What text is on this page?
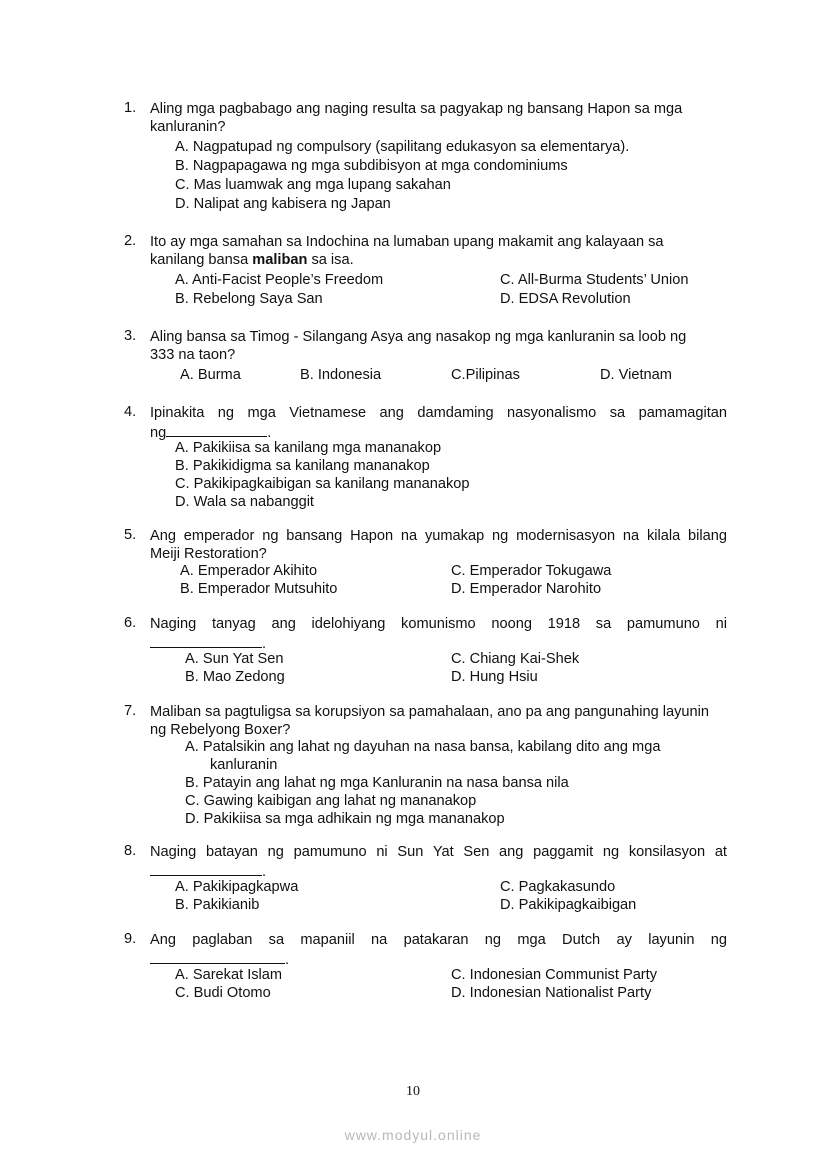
1. Aling mga pagbabago ang naging resulta sa pagyakap ng bansang Hapon sa mga
kanluranin?
A. Nagpatupad ng compulsory (sapilitang edukasyon sa elementarya).
B. Nagpapagawa ng mga subdibisyon at mga condominiums
C. Mas luamwak ang mga lupang sakahan
D. Nalipat ang kabisera ng Japan
2. Ito ay mga samahan sa Indochina na lumaban upang makamit ang kalayaan sa
kanilang bansa maliban sa isa.
A. Anti-Facist People’s Freedom	C. All-Burma Students’ Union
B. Rebelong Saya San	D. EDSA Revolution
3. Aling bansa sa Timog - Silangang Asya ang nasakop ng mga kanluranin sa loob ng
333 na taon?
A. Burma	B. Indonesia	C.Pilipinas	D. Vietnam
4. Ipinakita ng mga Vietnamese ang damdaming nasyonalismo sa pamamagitan
ng	.
A. Pakikiisa sa kanilang mga mananakop
B. Pakikidigma sa kanilang mananakop
C. Pakikipagkaibigan sa kanilang mananakop
D. Wala sa nabanggit
5. Ang emperador ng bansang Hapon na yumakap ng modernisasyon na kilala bilang
Meiji Restoration?
A. Emperador Akihito	C. Emperador Tokugawa
B. Emperador Mutsuhito	D. Emperador Narohito
6. Naging tanyag ang idelohiyang komunismo noong 1918 sa pamumuno ni
.
A. Sun Yat Sen	C. Chiang Kai-Shek
B. Mao Zedong	D. Hung Hsiu
7. Maliban sa pagtuligsa sa korupsiyon sa pamahalaan, ano pa ang pangunahing layunin
ng Rebelyong Boxer?
A. Patalsikin ang lahat ng dayuhan na nasa bansa, kabilang dito ang mga
kanluranin
B. Patayin ang lahat ng mga Kanluranin na nasa bansa nila
C. Gawing kaibigan ang lahat ng mananakop
D. Pakikiisa sa mga adhikain ng mga mananakop
8. Naging batayan ng pamumuno ni Sun Yat Sen ang paggamit ng konsilasyon at
.
A. Pakikipagkapwa	C. Pagkakasundo
B. Pakikianib	D. Pakikipagkaibigan
9. Ang paglaban sa mapaniil na patakaran ng mga Dutch ay layunin ng
.
A. Sarekat Islam	C. Indonesian Communist Party
C. Budi Otomo	D. Indonesian Nationalist Party
10
www.modyul.online
